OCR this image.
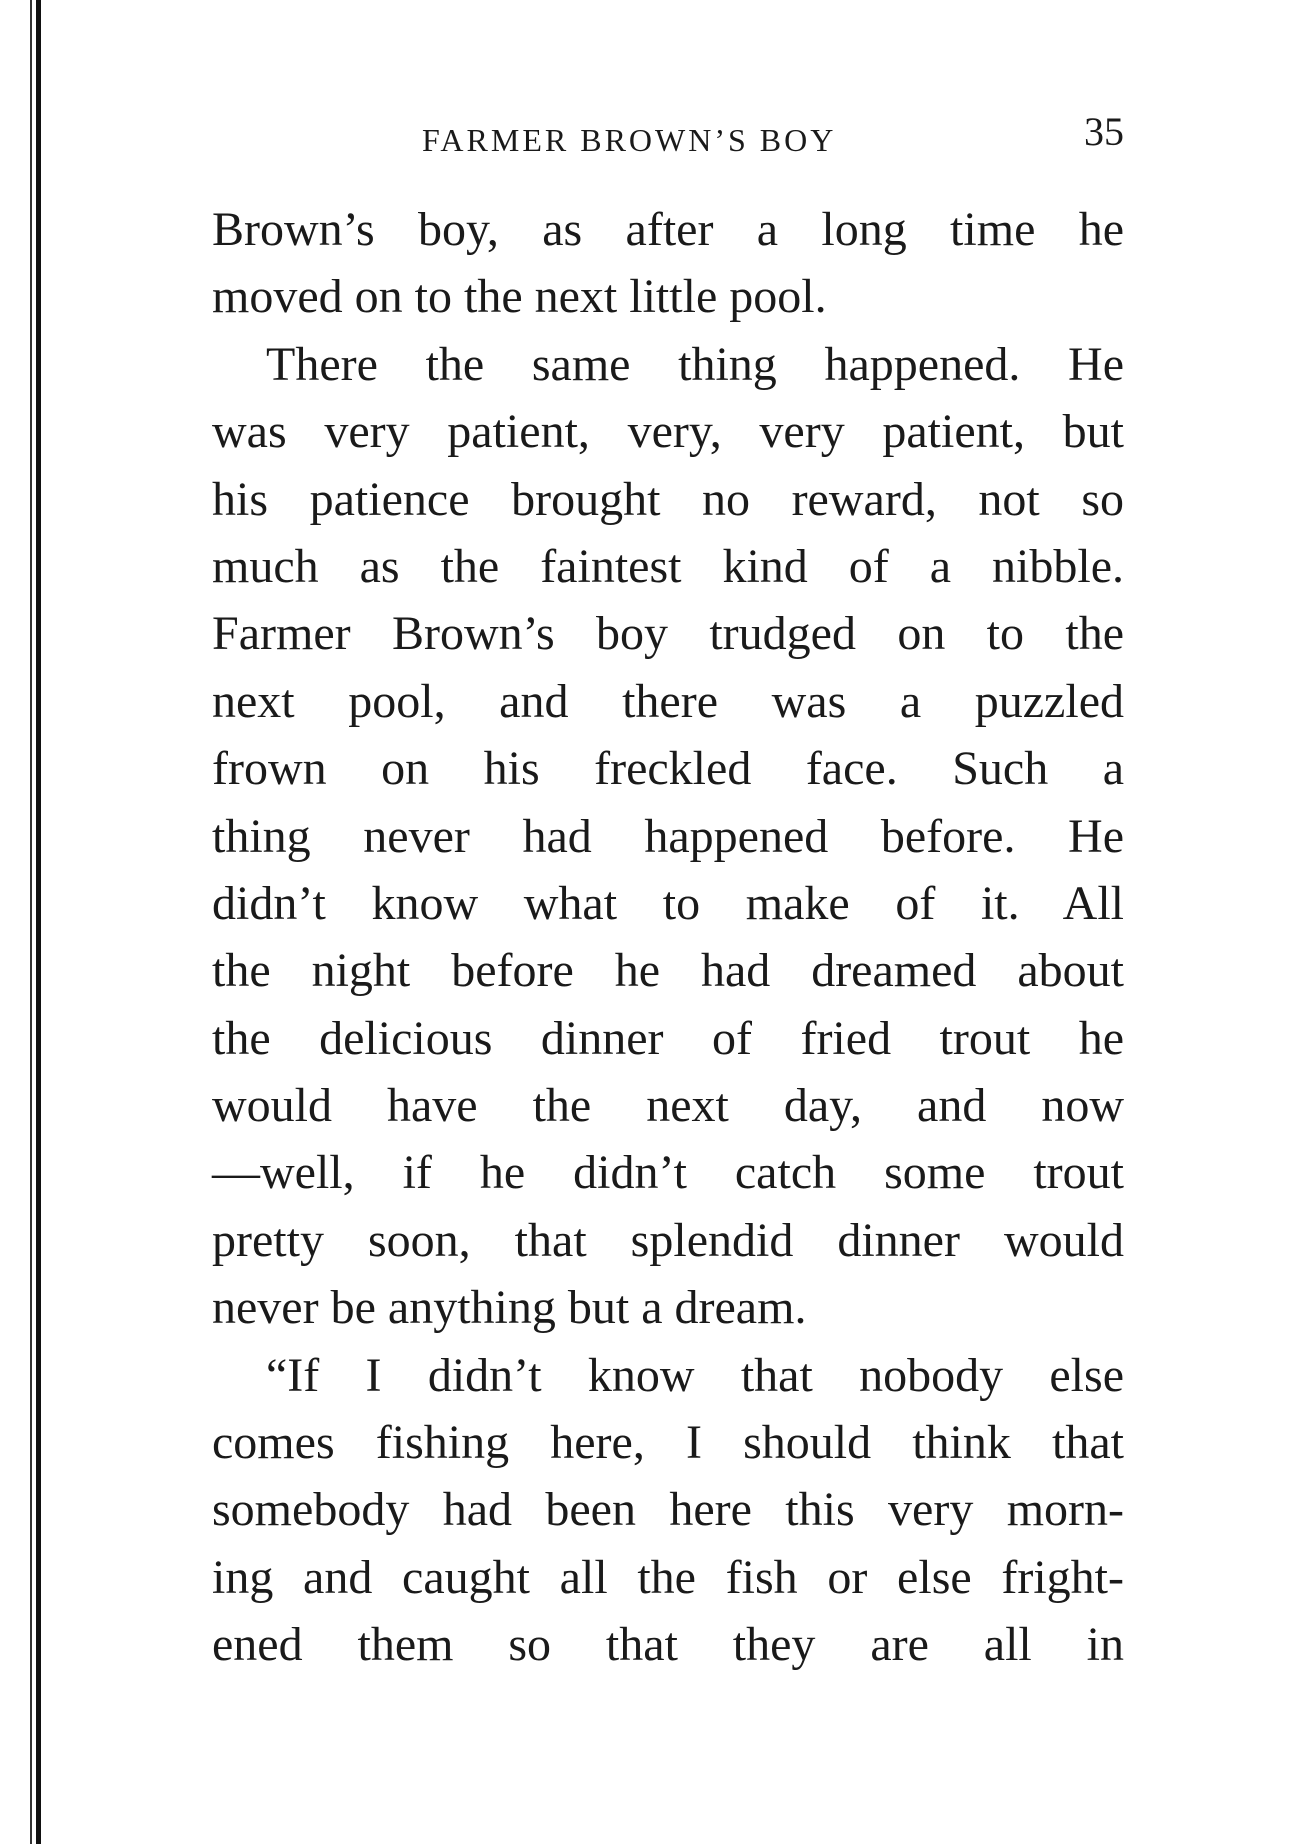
FARMER BROWN’S BOY	35
Brown’s boy, as after a long time he
moved on to the next little pool.
There the same thing happened. He
was very patient, very, very patient, but
his patience brought no reward, not so
much as the faintest kind of a nibble.
Farmer Brown’s boy trudged on to the
next pool, and there was a puzzled
frown on his freckled face. Such a
thing never had happened before. He
didn’t know what to make of it. All
the night before he had dreamed about
the delicious dinner of fried trout he
would have the next day, and now
—well, if he didn’t catch some trout
pretty soon, that splendid dinner would
never be anything but a dream.
“If I didn’t know that nobody else
comes fishing here, I should think that
somebody had been here this very morn-
ing and caught all the fish or else fright-
ened them so that they are all in
